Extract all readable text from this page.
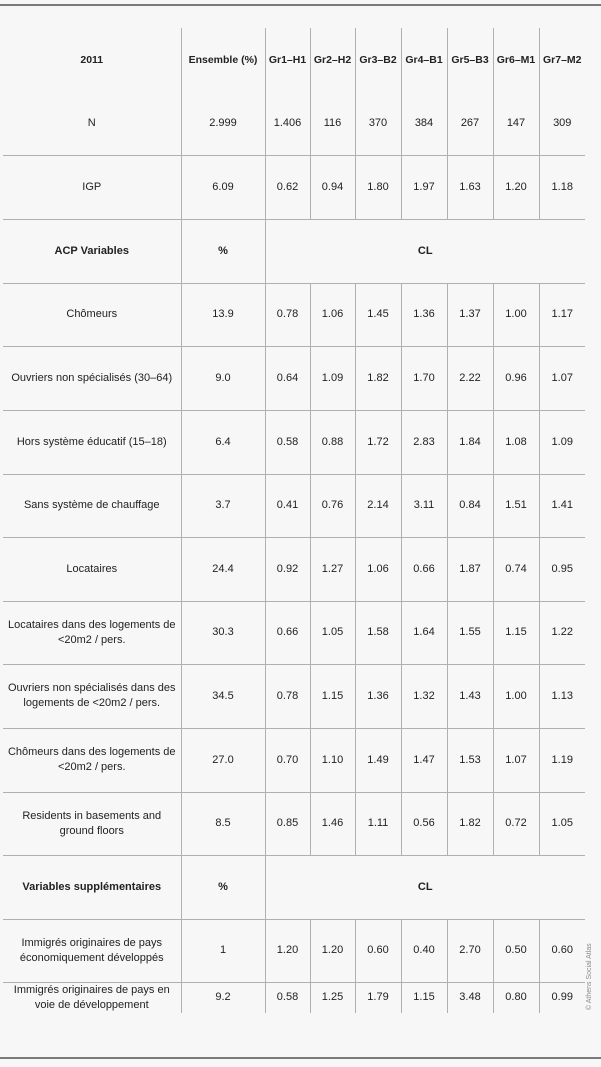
2011	Ensemble (%)	Gr1–H1	Gr2–H2	Gr3–B2	Gr4–B1	Gr5–B3	Gr6–M1	Gr7–M2
N	2.999	1.406	116	370	384	267	147	309
IGP	6.09	0.62	0.94	1.80	1.97	1.63	1.20	1.18
ACP Variables	%	CL						
Chômeurs	13.9	0.78	1.06	1.45	1.36	1.37	1.00	1.17
Ouvriers non spécialisés (30–64)	9.0	0.64	1.09	1.82	1.70	2.22	0.96	1.07
Hors système éducatif (15–18)	6.4	0.58	0.88	1.72	2.83	1.84	1.08	1.09
Sans système de chauffage	3.7	0.41	0.76	2.14	3.11	0.84	1.51	1.41
Locataires	24.4	0.92	1.27	1.06	0.66	1.87	0.74	0.95
Locataires dans des logements de <20m2 / pers.	30.3	0.66	1.05	1.58	1.64	1.55	1.15	1.22
Ouvriers non spécialisés dans des logements de <20m2 / pers.	34.5	0.78	1.15	1.36	1.32	1.43	1.00	1.13
Chômeurs dans des logements de <20m2 / pers.	27.0	0.70	1.10	1.49	1.47	1.53	1.07	1.19
Residents in basements and ground floors	8.5	0.85	1.46	1.11	0.56	1.82	0.72	1.05
Variables supplémentaires	%	CL						
Immigrés originaires de pays économiquement développés	1	1.20	1.20	0.60	0.40	2.70	0.50	0.60
Immigrés originaires de pays en voie de développement	9.2	0.58	1.25	1.79	1.15	3.48	0.80	0.99 © Athens Social Atlas
